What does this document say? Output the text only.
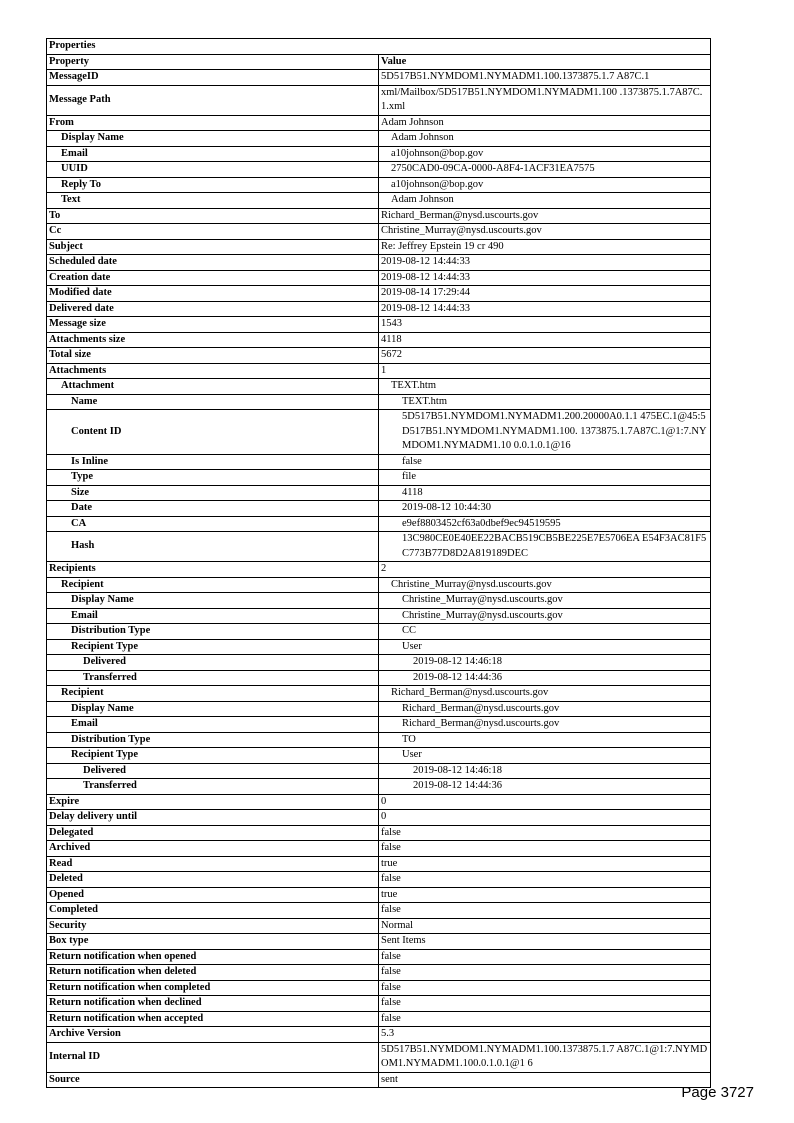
Properties	
Property	Value
MessageID	5D517B51.NYMDOM1.NYMADM1.100.1373875.1.7 A87C.1
Message Path	xml/Mailbox/5D517B51.NYMDOM1.NYMADM1.100 .1373875.1.7A87C.1.xml
From	Adam Johnson
Display Name	Adam Johnson
Email	a10johnson@bop.gov
UUID	2750CAD0-09CA-0000-A8F4-1ACF31EA7575
Reply To	a10johnson@bop.gov
Text	Adam Johnson
To	Richard_Berman@nysd.uscourts.gov
Cc	Christine_Murray@nysd.uscourts.gov
Subject	Re: Jeffrey Epstein 19 cr 490
Scheduled date	2019-08-12 14:44:33
Creation date	2019-08-12 14:44:33
Modified date	2019-08-14 17:29:44
Delivered date	2019-08-12 14:44:33
Message size	1543
Attachments size	4118
Total size	5672
Attachments	1
Attachment	TEXT.htm
Name	TEXT.htm
Content ID	5D517B51.NYMDOM1.NYMADM1.200.20000A0.1.1 475EC.1@45:5D517B51.NYMDOM1.NYMADM1.100. 1373875.1.7A87C.1@1:7.NYMDOM1.NYMADM1.10 0.0.1.0.1@16
Is Inline	false
Type	file
Size	4118
Date	2019-08-12 10:44:30
CA	e9ef8803452cf63a0dbef9ec94519595
Hash	13C980CE0E40EE22BACB519CB5BE225E7E5706EA E54F3AC81F5C773B77D8D2A819189DEC
Recipients	2
Recipient	Christine_Murray@nysd.uscourts.gov
Display Name	Christine_Murray@nysd.uscourts.gov
Email	Christine_Murray@nysd.uscourts.gov
Distribution Type	CC
Recipient Type	User
Delivered	2019-08-12 14:46:18
Transferred	2019-08-12 14:44:36
Recipient	Richard_Berman@nysd.uscourts.gov
Display Name	Richard_Berman@nysd.uscourts.gov
Email	Richard_Berman@nysd.uscourts.gov
Distribution Type	TO
Recipient Type	User
Delivered	2019-08-12 14:46:18
Transferred	2019-08-12 14:44:36
Expire	0
Delay delivery until	0
Delegated	false
Archived	false
Read	true
Deleted	false
Opened	true
Completed	false
Security	Normal
Box type	Sent Items
Return notification when opened	false
Return notification when deleted	false
Return notification when completed	false
Return notification when declined	false
Return notification when accepted	false
Archive Version	5.3
Internal ID	5D517B51.NYMDOM1.NYMADM1.100.1373875.1.7 A87C.1@1:7.NYMDOM1.NYMADM1.100.0.1.0.1@1 6
Source	sent
Page 3727
